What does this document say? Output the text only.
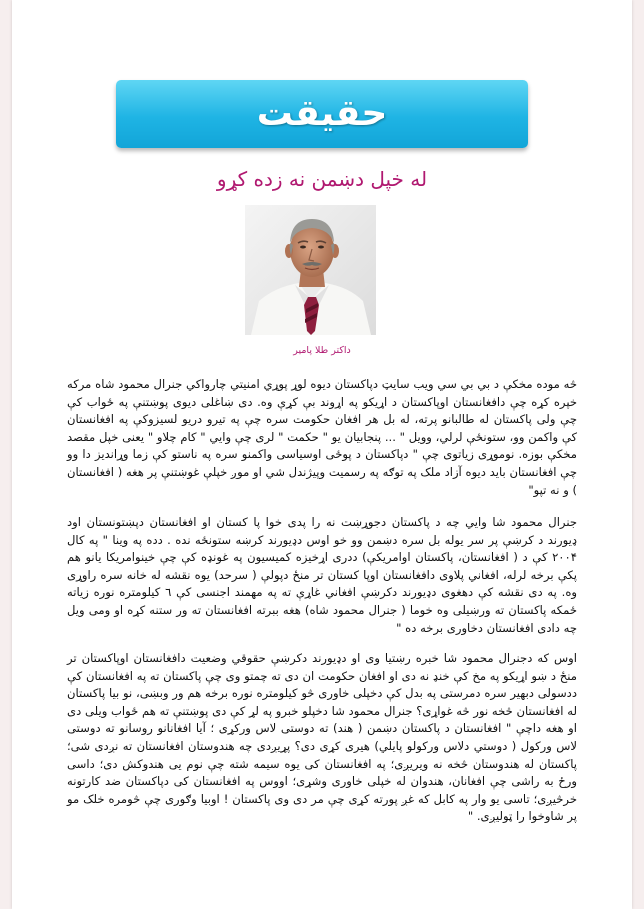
حقیقت
له خپل دښمن نه زده کړو
داکتر طلا پامیر

څه موده مخکې د بي بي سي ويب سايټ دپاکستان ديوه لوړ پوړي امنيتي چارواکي جنرال محمود شاه مرکه خپره کړه چې دافغانستان اوپاکستان د اړيکو په اړوند بې کړې وه. دی ښاغلی ديوی پوښتنې په ځواب کې چې ولی پاکستان له طالبانو پرته، له بل هر افغان حکومت سره چې په تيرو دريو لسيزوکې په افغانستان کې واکمن وو، ستونځې لرلي، وويل " ... پنجابيان يو " حکمت " لری چې وايي " کام چلاو " يعنی خپل مقصد مخکې بوزه. نوموړی زياتوی چې " دپاکستان د پوځی اوسياسی واکمنو سره په ناستو کې زما وړانديز دا وو چې افغانستان بايد ديوه آزاد ملک په توګه په رسميت وپيژندل شي او موږ خپلې غوښتنې پر هغه ( افغانستان ) و نه تپو"

جنرال محمود شا وايي چه د پاکستان دجوړښت نه را پدی خوا پا کستان او افغانستان دپښتونستان اود ډيورند د کرښې پر سر يوله بل سره دښمن وو خو اوس دډيورند کرښه ستونځه نده . دده په وينا " په کال ۲۰۰۴ کې د ( افغانستان، پاکستان اوامريکې) ددری اړخيزه کميسيون په غونډه کې چې خينوامريکا يانو هم پکې برخه لرله، افغاني پلاوی دافغانستان اوپا کستان تر منځ دپولې ( سرحد) يوه نقشه له خانه سره راوړی وه. په دی نقشه کې دهغوی دډيورند دکرښې افغاني غاړې ته په مهمند اجنسی کې ٦ کيلومتره نوره زياته ځمکه پاکستان ته ورښيلی وه خوما ( جنرال محمود شاه) هغه ببرته افغانستان ته ور ستنه کړه او ومی ويل چه دادی افغانستان دخاوری برخه ده "

اوس که دجنرال محمود شا خبره رښتيا وی او دډيورند دکرښې حقوقي وضعيت دافغانستان اوپاکستان تر منځ د ښو اړيکو په مخ کې خنډ نه دی او افغان حکومت ان دی ته چمتو وی چې پاکستان ته په افغانستان کې ددسولی دبهير سره دمرستی په بدل کې دخپلی خاوری څو کيلومتره نوره برخه هم ور وبښی، نو بيا پاکستان له افغانستان څخه نور څه غواړی؟ جنرال محمود شا دخپلو خبرو په لړ کې دی پوښتنې ته هم ځواب ويلی دی او هغه داچې " افغانستان د پاکستان دښمن ( هند) ته دوستی لاس ورکړی ؛ آيا افغانانو روسانو ته دوستی لاس ورکول ( دوستي دلاس ورکولو پايلي) هيری کړی دی؟ پړيږدی چه هندوستان افغانستان ته نږدی شی؛ پاکستان له هندوستان څخه نه ويريږی؛ په افغانستان کی يوه سيمه شته چې نوم يی هندوکش دی؛ داسی ورځ به راشی چې افغانان، هندوان له خپلی خاوری وشړی؛ اووس په افغانستان کی دپاکستان ضد کارتونه خرڅيږی؛ تاسی يو وار په کابل که غږ پورته کړی چې مر دی وی پاکستان ! اوبيا وګوری چې څومره خلک مو پر شاوخوا را ټوليږی. "
